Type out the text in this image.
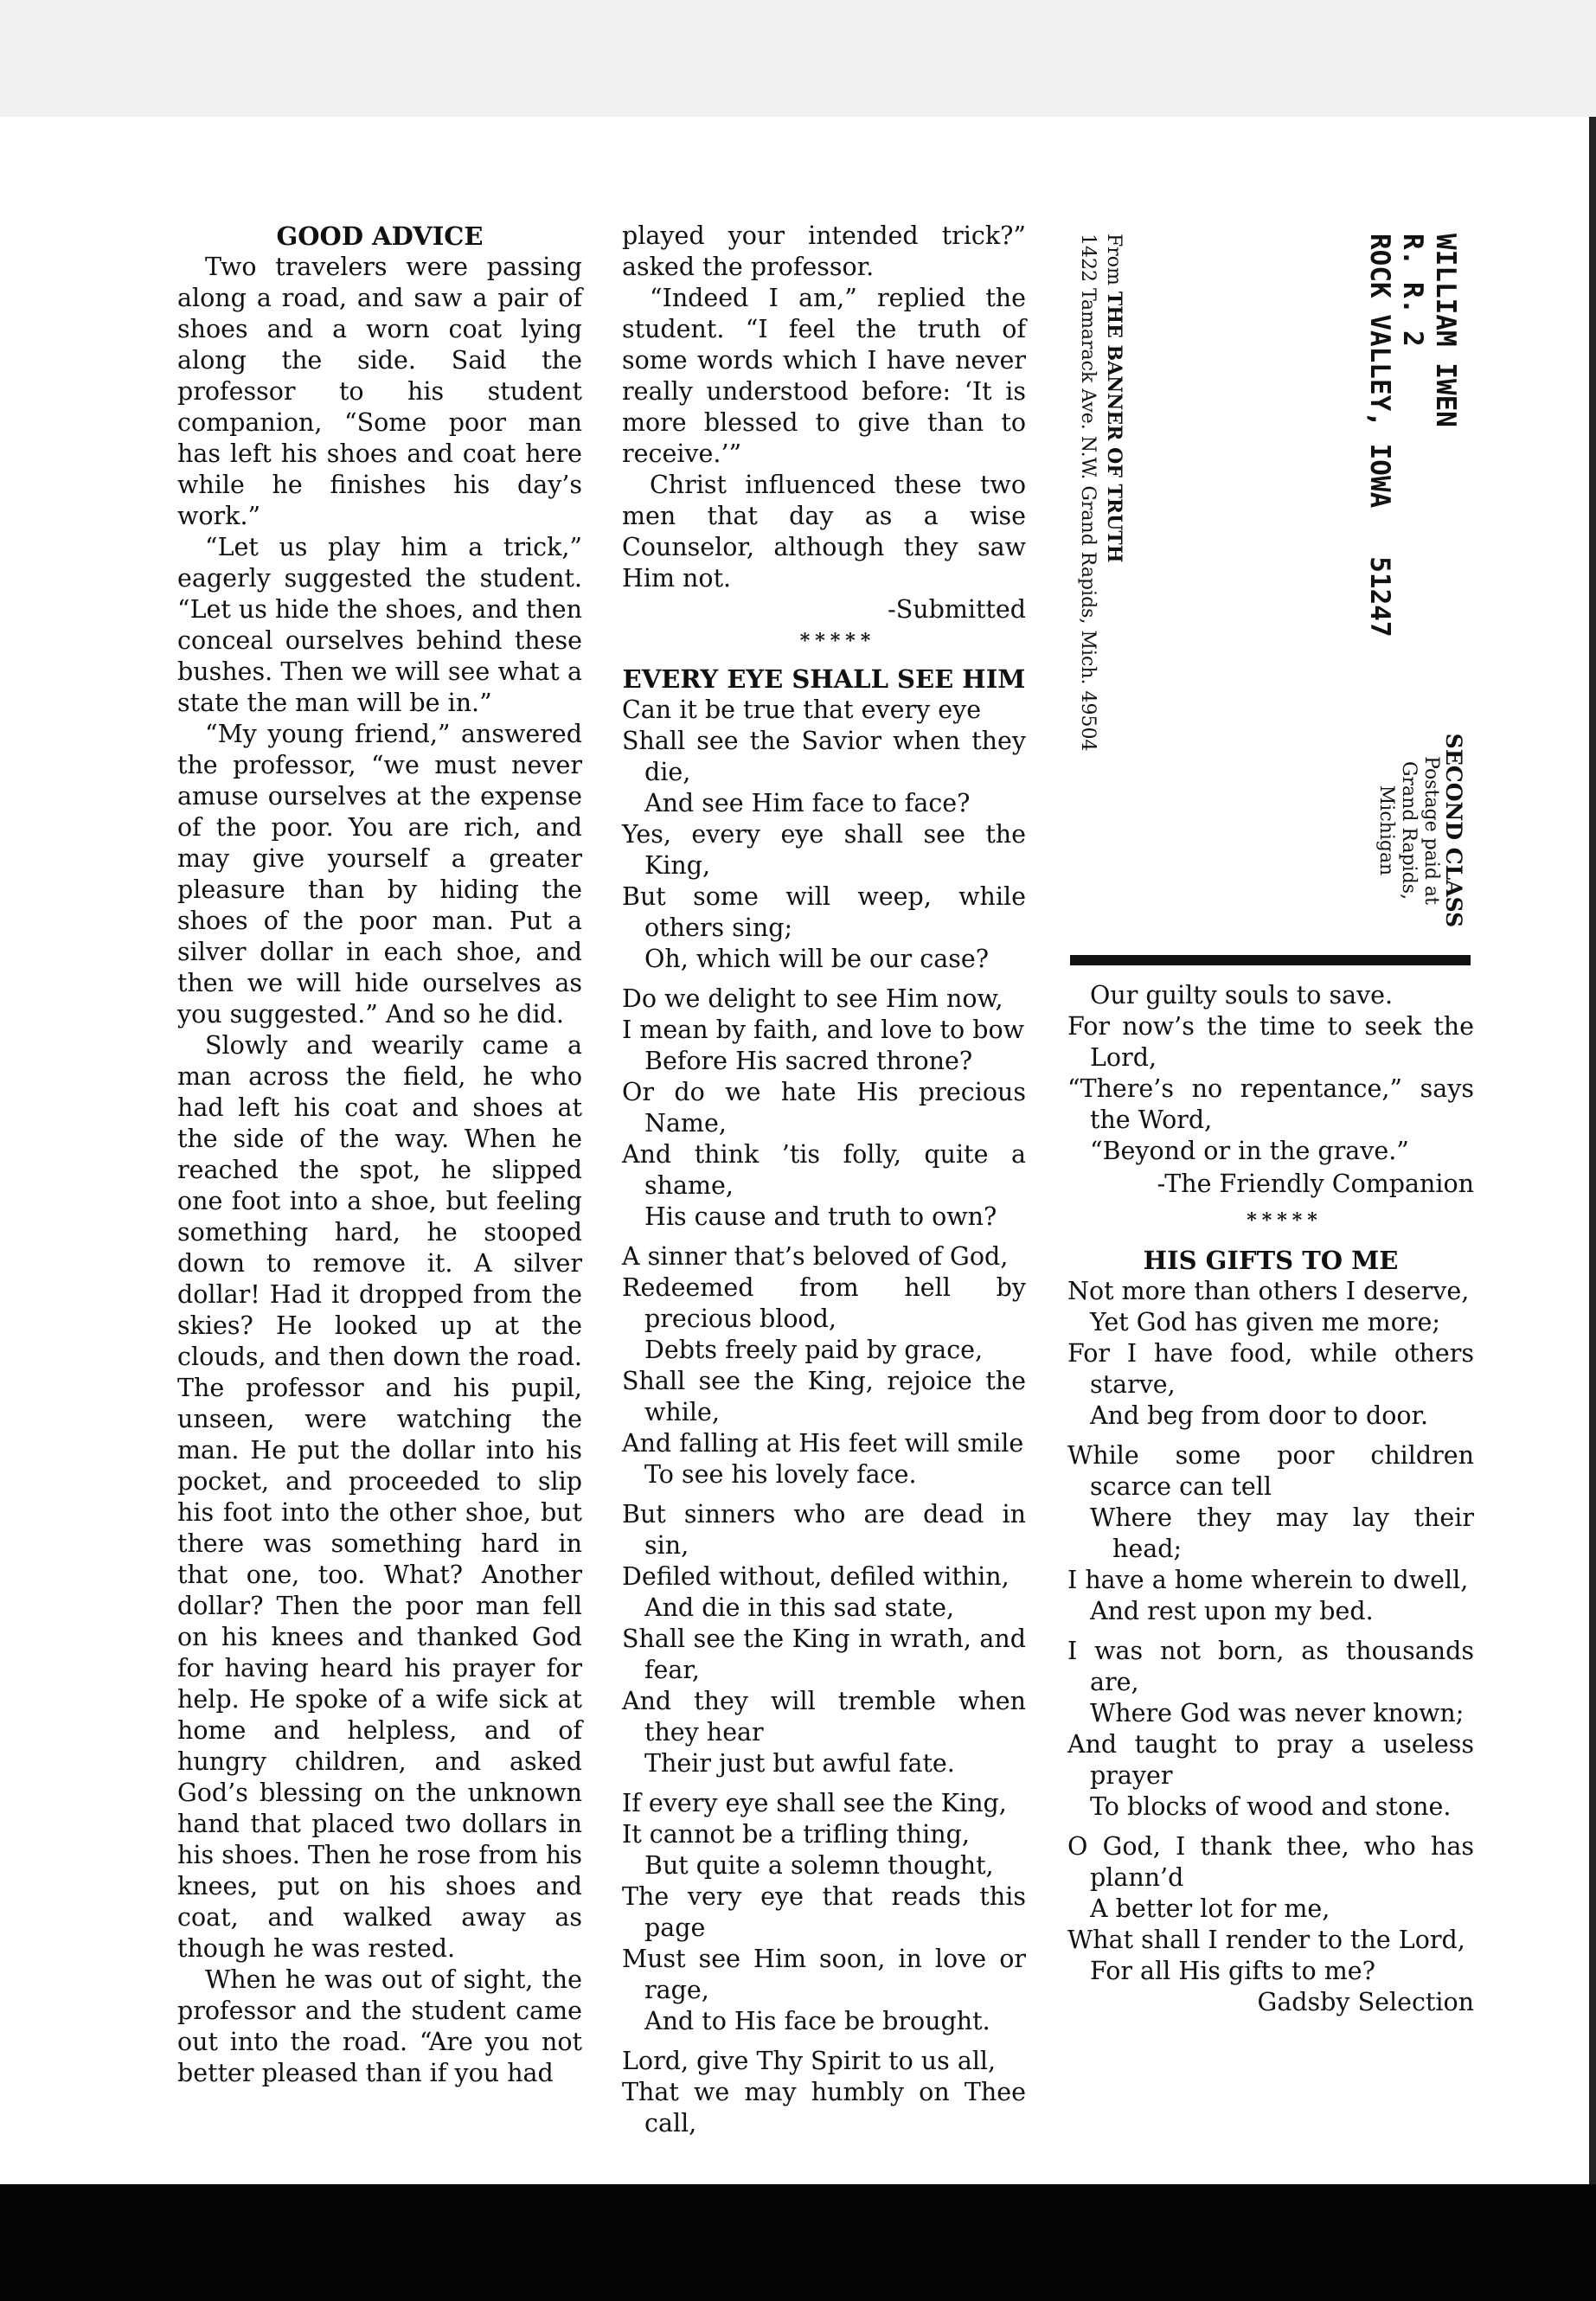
GOOD ADVICE

Two travelers were passing along a road, and saw a pair of shoes and a worn coat lying along the side. Said the professor to his student companion, “Some poor man has left his shoes and coat here while he finishes his day’s work.”

“Let us play him a trick,” eagerly suggested the student. “Let us hide the shoes, and then conceal ourselves behind these bushes. Then we will see what a state the man will be in.”

“My young friend,” answered the professor, “we must never amuse ourselves at the expense of the poor. You are rich, and may give yourself a greater pleasure than by hiding the shoes of the poor man. Put a silver dollar in each shoe, and then we will hide ourselves as you suggested.” And so he did.

Slowly and wearily came a man across the field, he who had left his coat and shoes at the side of the way. When he reached the spot, he slipped one foot into a shoe, but feeling something hard, he stooped down to remove it. A silver dollar! Had it dropped from the skies? He looked up at the clouds, and then down the road. The professor and his pupil, unseen, were watching the man. He put the dollar into his pocket, and proceeded to slip his foot into the other shoe, but there was something hard in that one, too. What? Another dollar? Then the poor man fell on his knees and thanked God for having heard his prayer for help. He spoke of a wife sick at home and helpless, and of hungry children, and asked God’s blessing on the unknown hand that placed two dollars in his shoes. Then he rose from his knees, put on his shoes and coat, and walked away as though he was rested.

When he was out of sight, the professor and the student came out into the road. “Are you not better pleased than if you had

played your intended trick?” asked the professor.

“Indeed I am,” replied the student. “I feel the truth of some words which I have never really understood before: ‘It is more blessed to give than to receive.’”

Christ influenced these two men that day as a wise Counselor, although they saw Him not.

-Submitted

*****

EVERY EYE SHALL SEE HIM

Can it be true that every eye
Shall see the Savior when they die,
And see Him face to face?
Yes, every eye shall see the King,
But some will weep, while others sing;
Oh, which will be our case?
Do we delight to see Him now,
I mean by faith, and love to bow
Before His sacred throne?
Or do we hate His precious Name,
And think ’tis folly, quite a shame,
His cause and truth to own?
A sinner that’s beloved of God,
Redeemed from hell by precious blood,
Debts freely paid by grace,
Shall see the King, rejoice the while,
And falling at His feet will smile
To see his lovely face.
But sinners who are dead in sin,
Defiled without, defiled within,
And die in this sad state,
Shall see the King in wrath, and fear,
And they will tremble when they hear
Their just but awful fate.
If every eye shall see the King,
It cannot be a trifling thing,
But quite a solemn thought,
The very eye that reads this page
Must see Him soon, in love or rage,
And to His face be brought.
Lord, give Thy Spirit to us all,
That we may humbly on Thee call,
WILLIAM IWEN
R. R. 2
ROCK VALLEY, IOWA   51247
SECOND CLASS
Postage paid at
Grand Rapids, Michigan
From THE BANNER OF TRUTH
1422 Tamarack Ave. N.W. Grand Rapids, Mich. 49504
Our guilty souls to save.
For now’s the time to seek the Lord,
“There’s no repentance,” says the Word,
“Beyond or in the grave.”

-The Friendly Companion

*****

HIS GIFTS TO ME

Not more than others I deserve,
Yet God has given me more;
For I have food, while others starve,
And beg from door to door.
While some poor children scarce can tell
Where they may lay their head;
I have a home wherein to dwell,
And rest upon my bed.
I was not born, as thousands are,
Where God was never known;
And taught to pray a useless prayer
To blocks of wood and stone.
O God, I thank thee, who has plann’d
A better lot for me,
What shall I render to the Lord,
For all His gifts to me?

Gadsby Selection
